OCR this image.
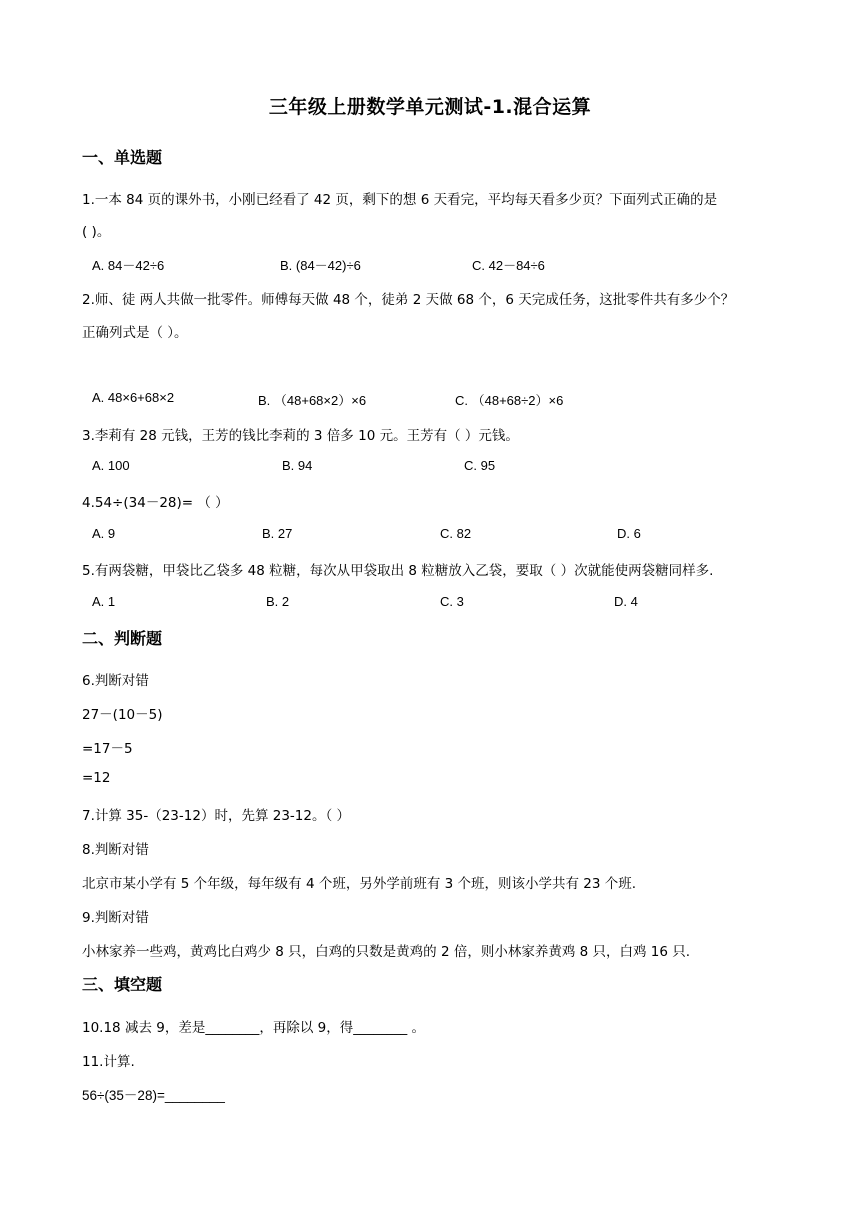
三年级上册数学单元测试-1.混合运算
一、单选题
1.一本 84 页的课外书，小刚已经看了 42 页，剩下的想 6 天看完，平均每天看多少页？下面列式正确的是
( )。
A. 84－42÷6	B. (84－42)÷6	C. 42－84÷6
2.师、徒 两人共做一批零件。师傅每天做 48 个，徒弟 2 天做 68 个，6 天完成任务，这批零件共有多少个？
正确列式是（ ）。
A. 48×6+68×2	B. （48+68×2）×6	C. （48+68÷2）×6
3.李莉有 28 元钱，王芳的钱比李莉的 3 倍多 10 元。王芳有（ ）元钱。
A. 100	B. 94	C. 95
4.54÷(34－28)= （ ）
A. 9	B. 27	C. 82	D. 6
5.有两袋糖，甲袋比乙袋多 48 粒糖，每次从甲袋取出 8 粒糖放入乙袋，要取（ ）次就能使两袋糖同样多.
A. 1	B. 2	C. 3	D. 4
二、判断题
6.判断对错
27－(10－5)
=17－5
=12
7.计算 35-（23-12）时，先算 23-12。（ ）
8.判断对错
北京市某小学有 5 个年级，每年级有 4 个班，另外学前班有 3 个班，则该小学共有 23 个班.
9.判断对错
小林家养一些鸡，黄鸡比白鸡少 8 只，白鸡的只数是黄鸡的 2 倍，则小林家养黄鸡 8 只，白鸡 16 只.
三、填空题
10.18 减去 9，差是________，再除以 9，得________ 。
11.计算.
56÷(35－28)=________
